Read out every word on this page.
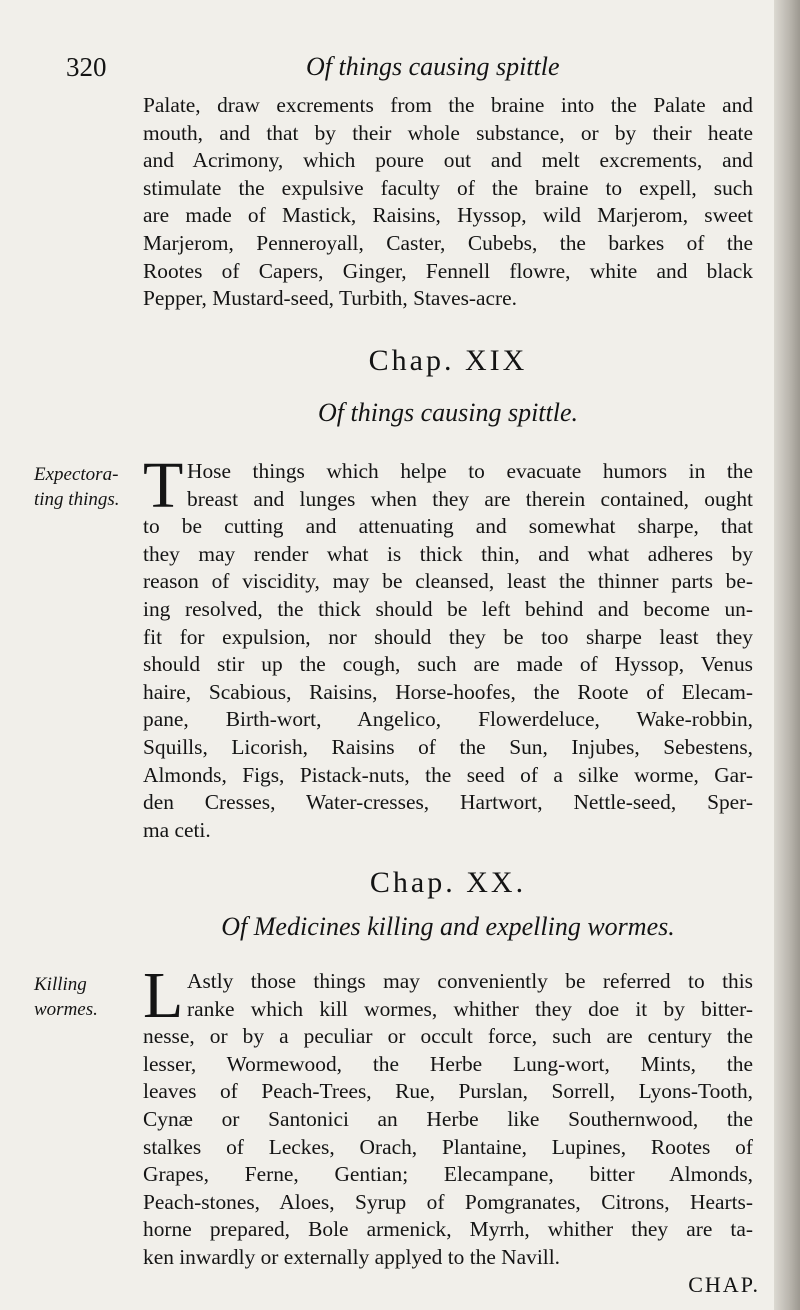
320	Of things causing spittle
Palate, draw excrements from the braine into the Palate and
mouth, and that by their whole substance, or by their heate
and Acrimony, which poure out and melt excrements, and
stimulate the expulsive faculty of the braine to expell, such
are made of Mastick, Raisins, Hyssop, wild Marjerom, sweet
Marjerom, Penneroyall, Caster, Cubebs, the barkes of the
Rootes of Capers, Ginger, Fennell flowre, white and black
Pepper, Mustard-seed, Turbith, Staves-acre.
Chap. XIX
Of things causing spittle.
Expectora-
ting things. T Hose things which helpe to evacuate humors in the
breast and lunges when they are therein contained, ought
to be cutting and attenuating and somewhat sharpe, that
they may render what is thick thin, and what adheres by
reason of viscidity, may be cleansed, least the thinner parts be-
ing resolved, the thick should be left behind and become un-
fit for expulsion, nor should they be too sharpe least they
should stir up the cough, such are made of Hyssop, Venus
haire, Scabious, Raisins, Horse-hoofes, the Roote of Elecam-
pane, Birth-wort, Angelico, Flowerdeluce, Wake-robbin,
Squills, Licorish, Raisins of the Sun, Injubes, Sebestens,
Almonds, Figs, Pistack-nuts, the seed of a silke worme, Gar-
den Cresses, Water-cresses, Hartwort, Nettle-seed, Sper-
ma ceti.
Chap. XX.
Of Medicines killing and expelling wormes.
Killing
wormes. L Astly those things may conveniently be referred to this
ranke which kill wormes, whither they doe it by bitter-
nesse, or by a peculiar or occult force, such are century the
lesser, Wormewood, the Herbe Lung-wort, Mints, the
leaves of Peach-Trees, Rue, Purslan, Sorrell, Lyons-Tooth,
Cynæ or Santonici an Herbe like Southernwood, the
stalkes of Leckes, Orach, Plantaine, Lupines, Rootes of
Grapes, Ferne, Gentian; Elecampane, bitter Almonds,
Peach-stones, Aloes, Syrup of Pomgranates, Citrons, Hearts-
horne prepared, Bole armenick, Myrrh, whither they are ta-
ken inwardly or externally applyed to the Navill.
CHAP.
